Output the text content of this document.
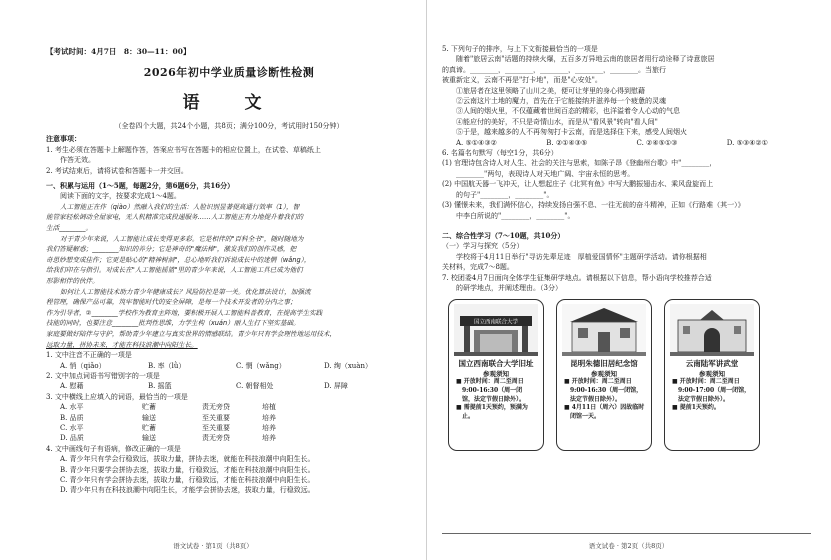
【考试时间：4月7日　8：30—11：00】

2026年初中学业质量诊断性检测

语　文

（全卷四个大题，共24个小题，共8页；满分100分，考试用时150分钟）

注意事项：

1. 考生必须在答题卡上解题作答，答案应书写在答题卡的相应位置上，在试卷、草稿纸上

　　作答无效。

2. 考试结束后，请将试卷和答题卡一并交回。

一、积累与运用（1～5题，每题2分，第6题6分，共16分）

阅读下面的文字，按要求完成1～4题。

人工智能正在作（qiào）然融入我们的生活：人脸识别显著提高通行效率（1），智

能管家轻松调动全屋家电，无人机精准完成投递服务……人工智能正有力地提升着我们的

生活________。

对于青少年来说，人工智能让成长变得更多彩。它是相伴的"百科全书"，随时随地为

我们答疑解惑；________知识的养分；它是神奇的"魔法棒"，激发我们的创作灵感，把

奇思妙想变成佳作；它更是贴心的"精神树洞"，总心地听我们诉说成长中的迷惘（wǎng），

给我们印在与指引。对成长在"人工智能摇篮"里的青少年来说，人工智能工具已成为他们

形影相伴的伙伴。

如何让人工智能技术助力青少年健康成长？风险防控是第一关。优化算法设计，加强流

程管理，确保产品可靠，筑牢智能时代的安全屏障，是每一个技术开发者的分内之事；

作为引导者，②________学校作为教育主阵地，要积极开展人工智能科普教育，在提高学生实践

技能的同时，也要注意________批判性思维，力学生构（xuán）丽人生打下坚实基础。

家庭要做好陪伴与守护，帮助青少年建立与真实世界的情感联结。青少年只有学会理性地运用技术，

远取力量，拼协未来，才能在科技浪潮中向阳生长。

1. 文中注音不正确的一项是

A. 悄（qiǎo）	B. 率（lǜ）	C. 惘（wǎng）	D. 绚（xuàn）

2. 文中加点词语书写错别字的一项是

A. 慰藉	B. 摇篮	C. 朝督相处	D. 屏障

3. 文中横线上应填入的词语，最恰当的一项是

A. 水平	贮蓄	责无旁贷	培植
B. 品质	输送	至关重要	培养
C. 水平	贮蓄	至关重要	培养
D. 品质	输送	责无旁贷	培养

4. 文中画线句子有语病，修改正确的一项是

A. 青少年只有学会行稳致远，拔取力量，拼协去迷，就能在科技浪潮中向阳生长。

B. 青少年只要学会拼协去迷，拔取力量，行稳致远，才能在科技浪潮中向阳生长。

C. 青少年只有学会拼协去迷，拔取力量，行稳致远，才能在科技浪潮中向阳生长。

D. 青少年只有在科技浪潮中向阳生长，才能学会拼协去迷，拔取力量，行稳致远。

语文试卷 · 第1页（共8页）

5. 下列句子的排序，与上下文衔接最恰当的一项是

随着"旅居云南"话题的持续火爆，五百多万异地云南的旅居者用行动诠释了诗意旅居

的真谛。________，________，________，________，________。当旅行

被重新定义，云南不再是"打卡地"，而是"心安处"。

①旅居者在这里领略了山川之美，便可让芽里的身心得到慰藉

②云南这片土地的魔力，首先在于它能接纳并滋养每一个疲惫的灵魂

③人间的烟火里，不仅蕴藏着世间百态的精彩，也洋溢着令人心动的气息

④能应付的美好，不只是奇情山水，而是从"看风景"转向"看人间"

⑤于是，越来越多的人不再匆匆打卡云南，而是选择住下来，感受人间烟火

A. ⑤①④③②	B. ②①④③⑤	C. ②④⑤①③	D. ⑤③④②①

6. 名篇名句默写（每空1分，共6分）

(1) 官理诗包含诗人对人生、社会的关注与思索，如陈子昂《登幽州台歌》中"________，

　　________"两句，表现诗人对天地广阔、宇宙永恒的思考。

(2) 中国航天器一飞冲天，让人想起庄子《北冥有鱼》中写大鹏振翅击水、乘风盘旋而上

　　的句子"________，________"。

(3) 懂憬未来，我们满怀信心，持续发扬自强不息、一往无前的奋斗精神，正如《行路难（其一）》

　　中李白所说的"________，________"。

二、综合性学习（7～10题，共10分）

（一）学习与探究（5分）

学校将于4月11日举行"寻访先辈足迹　厚植爱国情怀"主题研学活动。请你根据相

关材料，完成7～8题。

7. 校团委4月7日面向全体学生征集研学地点。请根据以下信息，帮小语向学校推荐合适

　　的研学地点，并阐述理由。（3分）

国立西南联合大学

国立西南联合大学旧址

参观须知

■ 开放时间：周二至周日

　9:00-16:30（周一闭

　馆，法定节假日除外）。

■ 需提前1天预约，预满为

　止。

昆明朱德旧居纪念馆

参观须知

■ 开放时间：周二至周日

　9:00-16:30（周一闭馆，

　法定节假日除外）。

■ 4月11日（周六）因故临时

　闭馆一天。

云南陆军讲武堂

参观须知

■ 开放时间：周二至周日

　9:00-17:00（周一闭馆，

　法定节假日除外）。

■ 提前1天预约。

语文试卷 · 第2页（共8页）
